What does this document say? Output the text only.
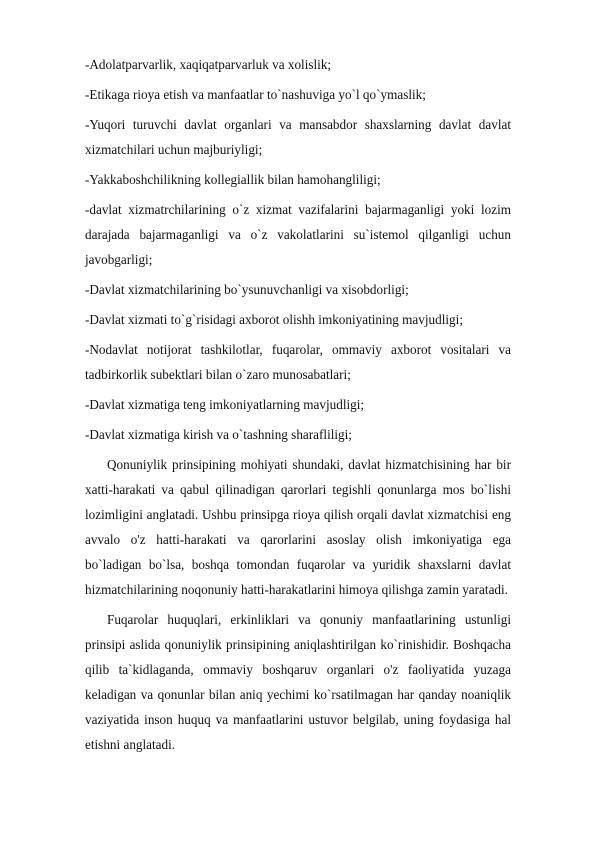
-Adolatparvarlik, xaqiqatparvarluk va xolislik;
-Etikaga rioya etish va manfaatlar to`nashuviga yo`l qo`ymaslik;
-Yuqori turuvchi davlat organlari va mansabdor shaxslarning davlat davlat xizmatchilari uchun majburiyligi;
-Yakkaboshchilikning kollegiallik bilan hamohangliligi;
-davlat xizmatrchilarining o`z xizmat vazifalarini bajarmaganligi yoki lozim darajada bajarmaganligi va o`z vakolatlarini su`istemol qilganligi uchun javobgarligi;
-Davlat xizmatchilarining bo`ysunuvchanligi va xisobdorligi;
-Davlat xizmati to`g`risidagi axborot olishh imkoniyatining mavjudligi;
-Nodavlat notijorat tashkilotlar, fuqarolar, ommaviy axborot vositalari va tadbirkorlik subektlari bilan o`zaro munosabatlari;
-Davlat xizmatiga teng imkoniyatlarning mavjudligi;
-Davlat xizmatiga kirish va o`tashning sharafliligi;
Qonuniylik prinsipining mohiyati shundaki, davlat hizmatchisining har bir xatti-harakati va qabul qilinadigan qarorlari tegishli qonunlarga mos bo`lishi lozimligini anglatadi. Ushbu prinsipga rioya qilish orqali davlat xizmatchisi eng avvalo o'z hatti-harakati va qarorlarini asoslay olish imkoniyatiga ega bo`ladigan bo`lsa, boshqa tomondan fuqarolar va yuridik shaxslarni davlat hizmatchilarining noqonuniy hatti-harakatlarini himoya qilishga zamin yaratadi.
Fuqarolar huquqlari, erkinliklari va qonuniy manfaatlarining ustunligi prinsipi aslida qonuniylik prinsipining aniqlashtirilgan ko`rinishidir. Boshqacha qilib ta`kidlaganda, ommaviy boshqaruv organlari o'z faoliyatida yuzaga keladigan va qonunlar bilan aniq yechimi ko`rsatilmagan har qanday noaniqlik vaziyatida inson huquq va manfaatlarini ustuvor belgilab, uning foydasiga hal etishni anglatadi.
